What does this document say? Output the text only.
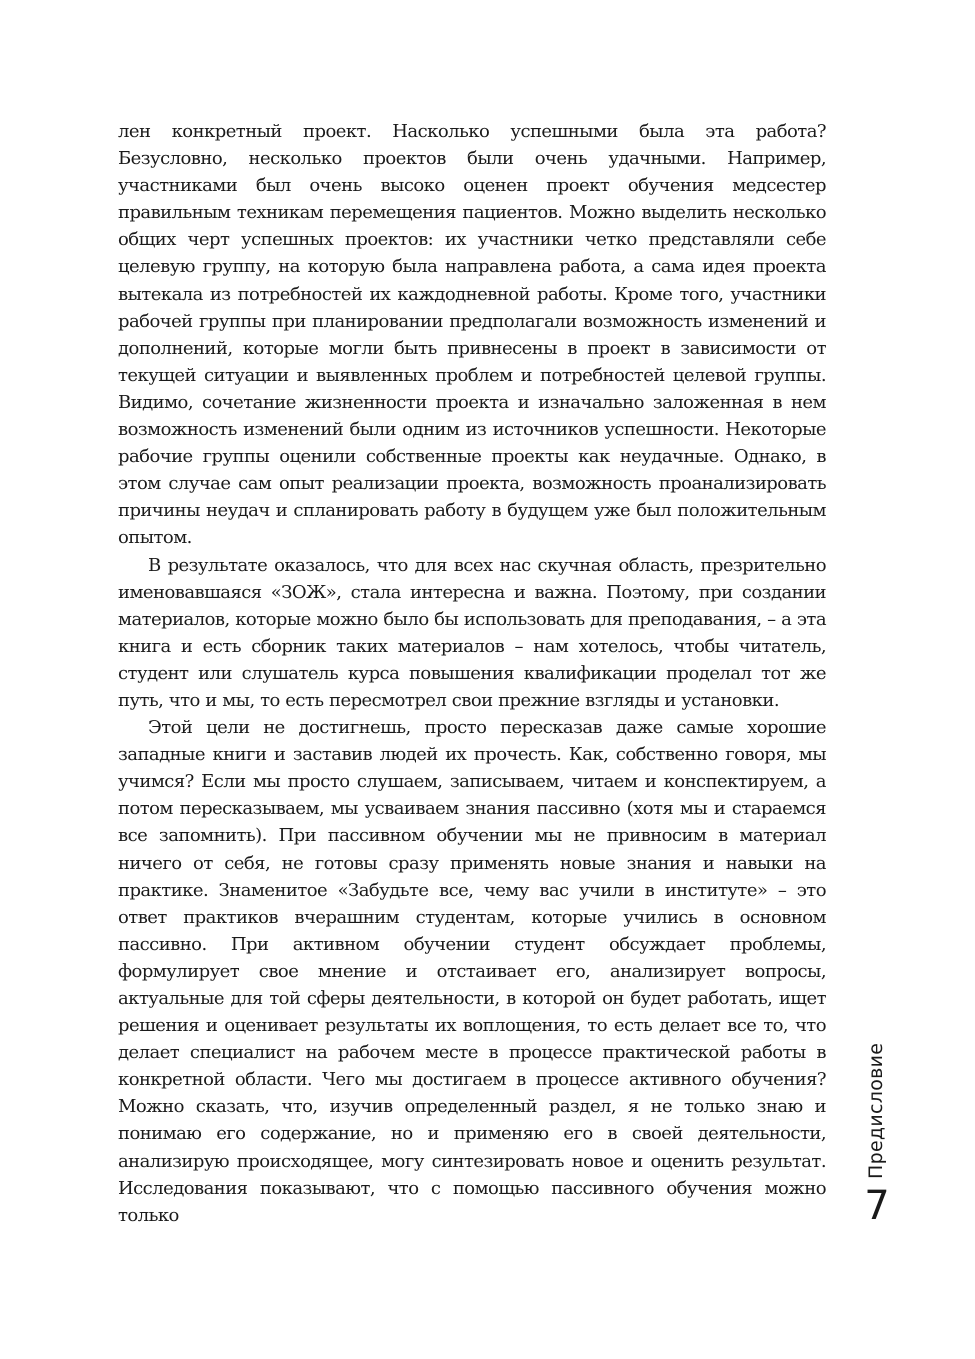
лен конкретный проект. Насколько успешными была эта работа? Безусловно, несколько проектов были очень удачными. Например, участниками был очень высоко оценен проект обучения медсестер правильным техникам перемещения пациентов. Можно выделить несколько общих черт успешных проектов: их участники четко представляли себе целевую группу, на которую была направлена работа, а сама идея проекта вытекала из потребностей их каждодневной работы. Кроме того, участники рабочей группы при планировании предполагали возможность изменений и дополнений, которые могли быть привнесены в проект в зависимости от текущей ситуации и выявленных проблем и потребностей целевой группы. Видимо, сочетание жизненности проекта и изначально заложенная в нем возможность изменений были одним из источников успешности. Некоторые рабочие группы оценили собственные проекты как неудачные. Однако, в этом случае сам опыт реализации проекта, возможность проанализировать причины неудач и спланировать работу в будущем уже был положительным опытом.

В результате оказалось, что для всех нас скучная область, презрительно именовавшаяся «ЗОЖ», стала интересна и важна. Поэтому, при создании материалов, которые можно было бы использовать для преподавания, – а эта книга и есть сборник таких материалов – нам хотелось, чтобы читатель, студент или слушатель курса повышения квалификации проделал тот же путь, что и мы, то есть пересмотрел свои прежние взгляды и установки.

Этой цели не достигнешь, просто пересказав даже самые хорошие западные книги и заставив людей их прочесть. Как, собственно говоря, мы учимся? Если мы просто слушаем, записываем, читаем и конспектируем, а потом пересказываем, мы усваиваем знания пассивно (хотя мы и стараемся все запомнить). При пассивном обучении мы не привносим в материал ничего от себя, не готовы сразу применять новые знания и навыки на практике. Знаменитое «Забудьте все, чему вас учили в институте» – это ответ практиков вчерашним студентам, которые учились в основном пассивно. При активном обучении студент обсуждает проблемы, формулирует свое мнение и отстаивает его, анализирует вопросы, актуальные для той сферы деятельности, в которой он будет работать, ищет решения и оценивает результаты их воплощения, то есть делает все то, что делает специалист на рабочем месте в процессе практической работы в конкретной области. Чего мы достигаем в процессе активного обучения? Можно сказать, что, изучив определенный раздел, я не только знаю и понимаю его содержание, но и применяю его в своей деятельности, анализирую происходящее, могу синтезировать новое и оценить результат. Исследования показывают, что с помощью пассивного обучения можно только

Предисловие
7
